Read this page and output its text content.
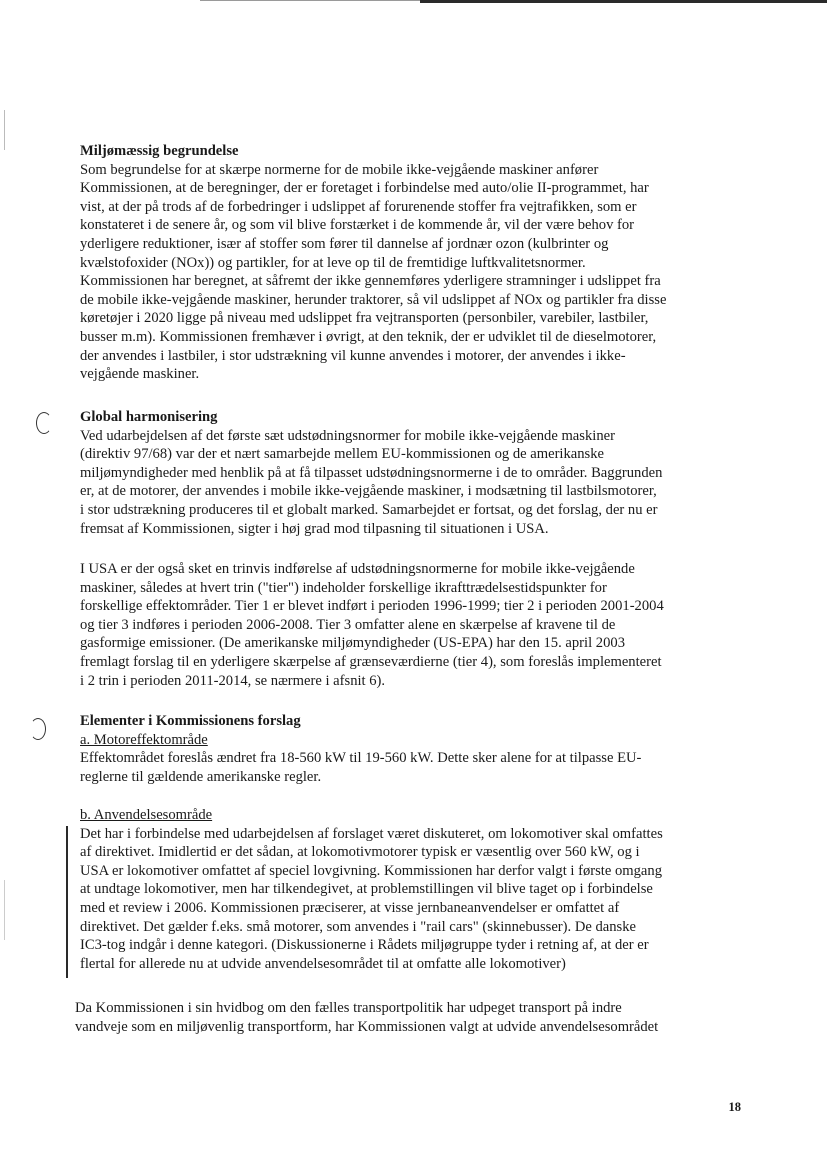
Miljømæssig begrundelse

Som begrundelse for at skærpe normerne for de mobile ikke-vejgående maskiner anfører
Kommissionen, at de beregninger, der er foretaget i forbindelse med auto/olie II-programmet, har
vist, at der på trods af de forbedringer i udslippet af forurenende stoffer fra vejtrafikken, som er
konstateret i de senere år, og som vil blive forstærket i de kommende år, vil der være behov for
yderligere reduktioner, især af stoffer som fører til dannelse af jordnær ozon (kulbrinter og
kvælstofoxider (NOx)) og partikler, for at leve op til de fremtidige luftkvalitetsnormer.
Kommissionen har beregnet, at såfremt der ikke gennemføres yderligere stramninger i udslippet fra
de mobile ikke-vejgående maskiner, herunder traktorer, så vil udslippet af NOx og partikler fra disse
køretøjer i 2020 ligge på niveau med udslippet fra vejtransporten (personbiler, varebiler, lastbiler,
busser m.m). Kommissionen fremhæver i øvrigt, at den teknik, der er udviklet til de dieselmotorer,
der anvendes i lastbiler, i stor udstrækning vil kunne anvendes i motorer, der anvendes i ikke-
vejgående maskiner.

Global harmonisering

Ved udarbejdelsen af det første sæt udstødningsnormer for mobile ikke-vejgående maskiner
(direktiv 97/68) var der et nært samarbejde mellem EU-kommissionen og de amerikanske
miljømyndigheder med henblik på at få tilpasset udstødningsnormerne i de to områder. Baggrunden
er, at de motorer, der anvendes i mobile ikke-vejgående maskiner, i modsætning til lastbilsmotorer,
i stor udstrækning produceres til et globalt marked. Samarbejdet er fortsat, og det forslag, der nu er
fremsat af Kommissionen, sigter i høj grad mod tilpasning til situationen i USA.
I USA er der også sket en trinvis indførelse af udstødningsnormerne for mobile ikke-vejgående
maskiner, således at hvert trin ("tier") indeholder forskellige ikrafttrædelsestidspunkter for
forskellige effektområder. Tier 1 er blevet indført i perioden 1996-1999; tier 2 i perioden 2001-2004
og tier 3 indføres i perioden 2006-2008. Tier 3 omfatter alene en skærpelse af kravene til de
gasformige emissioner. (De amerikanske miljømyndigheder (US-EPA) har den 15. april 2003
fremlagt forslag til en yderligere skærpelse af grænseværdierne (tier 4), som foreslås implementeret
i 2 trin i perioden 2011-2014, se nærmere i afsnit 6).

Elementer i Kommissionens forslag

a. Motoreffektområde

Effektområdet foreslås ændret fra 18-560 kW til 19-560 kW. Dette sker alene for at tilpasse EU-
reglerne til gældende amerikanske regler.

b. Anvendelsesområde

Det har i forbindelse med udarbejdelsen af forslaget været diskuteret, om lokomotiver skal omfattes
af direktivet. Imidlertid er det sådan, at lokomotivmotorer typisk er væsentlig over 560 kW, og i
USA er lokomotiver omfattet af speciel lovgivning. Kommissionen har derfor valgt i første omgang
at undtage lokomotiver, men har tilkendegivet, at problemstillingen vil blive taget op i forbindelse
med et review i 2006. Kommissionen præciserer, at visse jernbaneanvendelser er omfattet af
direktivet. Det gælder f.eks. små motorer, som anvendes i "rail cars" (skinnebusser). De danske
IC3-tog indgår i denne kategori. (Diskussionerne i Rådets miljøgruppe tyder i retning af, at der er
flertal for allerede nu at udvide anvendelsesområdet til at omfatte alle lokomotiver)
Da Kommissionen i sin hvidbog om den fælles transportpolitik har udpeget transport på indre
vandveje som en miljøvenlig transportform, har Kommissionen valgt at udvide anvendelsesområdet
18
